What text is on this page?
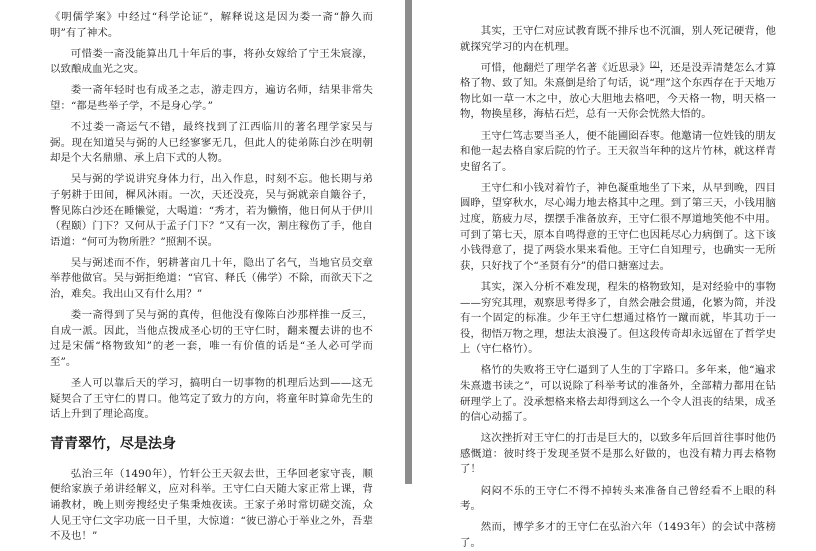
《明儒学案》中经过“科学论证”，解释说这是因为娄一斋“静久而明”有了神术。

可惜娄一斋没能算出几十年后的事，将孙女嫁给了宁王朱宸濠，以致酿成血光之灾。

娄一斋年轻时也有成圣之志，游走四方，遍访名师，结果非常失望：“都是些举子学，不是身心学。”

不过娄一斋运气不错，最终找到了江西临川的著名理学家吴与弼。现在知道吴与弼的人已经寥寥无几，但此人的徒弟陈白沙在明朝却是个大名鼎鼎、承上启下式的人物。

吴与弼的学说讲究身体力行，出入作息，时刻不忘。他长期与弟子躬耕于田间，樨风沐雨。一次，天还没亮，吴与弼就亲自簸谷子，瞥见陈白沙还在睡懒觉，大喝道：“秀才，若为懒惰，他日何从于伊川（程颐）门下？又何从于孟子门下？”又有一次，割庄稼伤了手，他自语道：“何可为物所胜？”照割不误。

吴与弼述而不作，躬耕著亩几十年，隐出了名气，当地官员交章举荐他做官。吴与弼拒绝道：“官官、释氏（佛学）不除，而欲天下之治，难矣。我出山又有什么用？”

娄一斋得到了吴与弼的真传，但他没有像陈白沙那样推一反三，自成一派。因此，当他点拨成圣心切的王守仁时，翻来覆去讲的也不过是宋儒“格物致知”的老一套，唯一有价值的话是“圣人必可学而至”。

圣人可以靠后天的学习，搞明白一切事物的机理后达到——这无疑契合了王守仁的胃口。他笃定了致力的方向，将童年时算命先生的话上升到了理论高度。

青青翠竹，尽是法身

弘治三年（1490年），竹轩公王天叙去世，王华回老家守丧，顺便给家族子弟讲经解义，应对科举。王守仁白天随大家正常上课，背诵教材，晚上则旁搜经史子集秉烛夜读。王家子弟时常切磋交流，众人见王守仁文字功底一日千里，大惊道：“彼已游心于举业之外，吾辈不及也！”

其实，王守仁对应试教育既不排斥也不沉湎，别人死记硬背，他就探究学习的内在机理。

可惜，他翻烂了理学名著《近思录》[2]，还是没弄清楚怎么才算格了物、致了知。朱熹倒是给了句话，说“理”这个东西存在于天地万物比如一草一木之中，放心大胆地去格吧，今天格一物，明天格一物，物换星移，海枯石烂，总有一天你会恍然大悟的。

王守仁笃志要当圣人，便不能圃囵吞枣。他邀请一位姓钱的朋友和他一起去格自家后院的竹子。王天叙当年种的这片竹林，就这样青史留名了。

王守仁和小钱对着竹子，神色凝重地坐了下来，从早到晚，四目圆睁，望穿秋水，尽心竭力地去格其中之理。到了第三天，小钱用脑过度，筋疲力尽，摆摆手准备放弃，王守仁很不厚道地笑他不中用。可到了第七天，原本自鸣得意的王守仁也因耗尽心力病倒了。这下该小钱得意了，提了两袋水果来看他。王守仁自知理亏，也确实一无所获，只好找了个“圣贤有分”的借口搪塞过去。

其实，深入分析不难发现，程朱的格物致知，是对经验中的事物——穷究其理，观察思考得多了，自然会融会贯通，化繁为简，并没有一个固定的标准。少年王守仁想通过格竹一蹴而就，毕其功于一役，彻悟万物之理，想法太浪漫了。但这段传奇却永远留在了哲学史上（守仁格竹）。

格竹的失败将王守仁逼到了人生的丁字路口。多年来，他“遍求朱熹遗书读之”，可以说除了科举考试的准备外，全部精力都用在钻研理学上了。没承想格来格去却得到这么一个令人沮丧的结果，成圣的信心动摇了。

这次挫折对王守仁的打击是巨大的，以致多年后回首往事时他仍感慨道：彼时终于发现圣贤不是那么好做的，也没有精力再去格物了！

闷闷不乐的王守仁不得不掉转头来准备自己曾经看不上眼的科考。

然而，博学多才的王守仁在弘治六年（1493年）的会试中落榜了。
